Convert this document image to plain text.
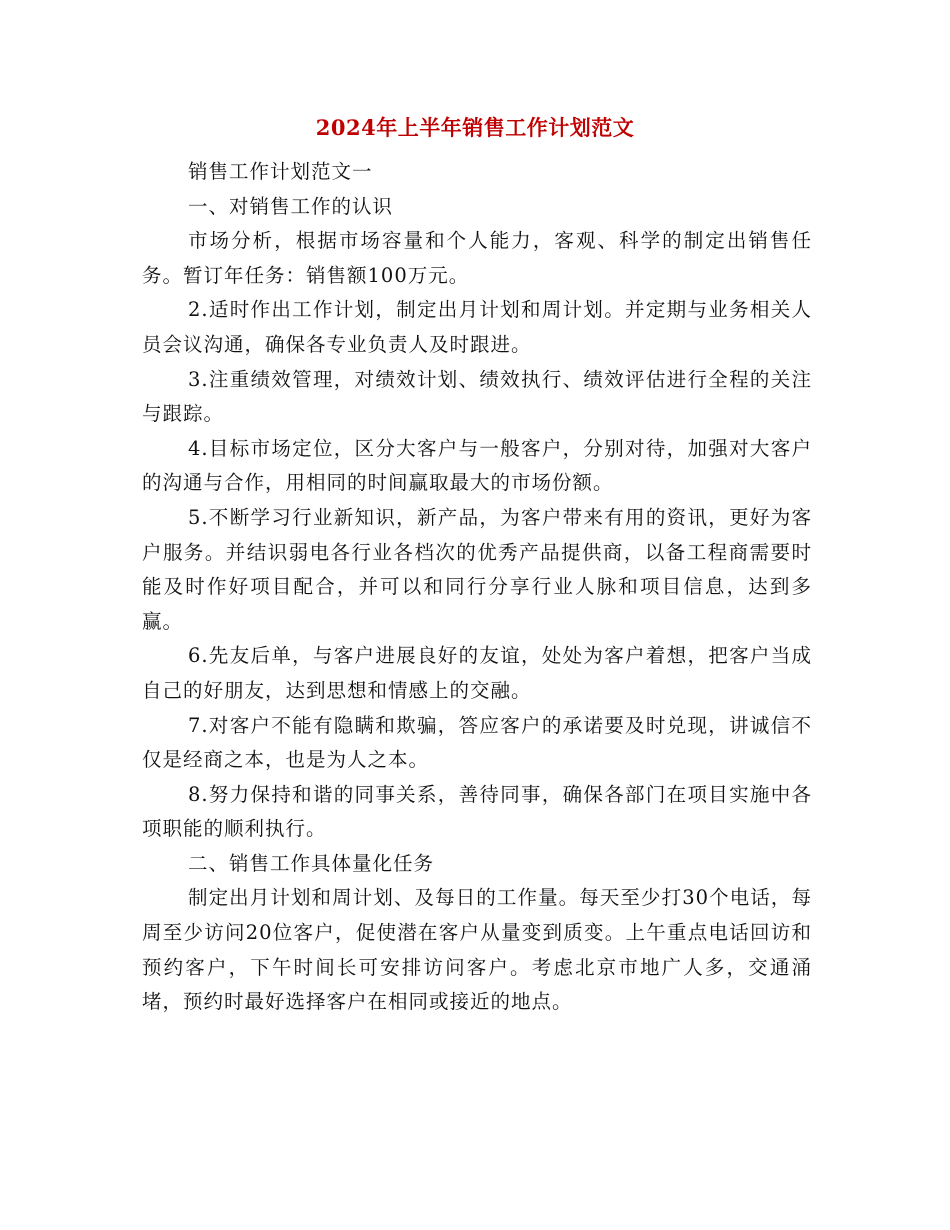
2024年上半年销售工作计划范文

销售工作计划范文一

一、对销售工作的认识

市场分析，根据市场容量和个人能力，客观、科学的制定出销售任务。暂订年任务：销售额100万元。

2.适时作出工作计划，制定出月计划和周计划。并定期与业务相关人员会议沟通，确保各专业负责人及时跟进。

3.注重绩效管理，对绩效计划、绩效执行、绩效评估进行全程的关注与跟踪。

4.目标市场定位，区分大客户与一般客户，分别对待，加强对大客户的沟通与合作，用相同的时间赢取最大的市场份额。

5.不断学习行业新知识，新产品，为客户带来有用的资讯，更好为客户服务。并结识弱电各行业各档次的优秀产品提供商，以备工程商需要时能及时作好项目配合，并可以和同行分享行业人脉和项目信息，达到多赢。

6.先友后单，与客户进展良好的友谊，处处为客户着想，把客户当成自己的好朋友，达到思想和情感上的交融。

7.对客户不能有隐瞒和欺骗，答应客户的承诺要及时兑现，讲诚信不仅是经商之本，也是为人之本。

8.努力保持和谐的同事关系，善待同事，确保各部门在项目实施中各项职能的顺利执行。

二、销售工作具体量化任务

制定出月计划和周计划、及每日的工作量。每天至少打30个电话，每周至少访问20位客户，促使潜在客户从量变到质变。上午重点电话回访和预约客户，下午时间长可安排访问客户。考虑北京市地广人多，交通涌堵，预约时最好选择客户在相同或接近的地点。
